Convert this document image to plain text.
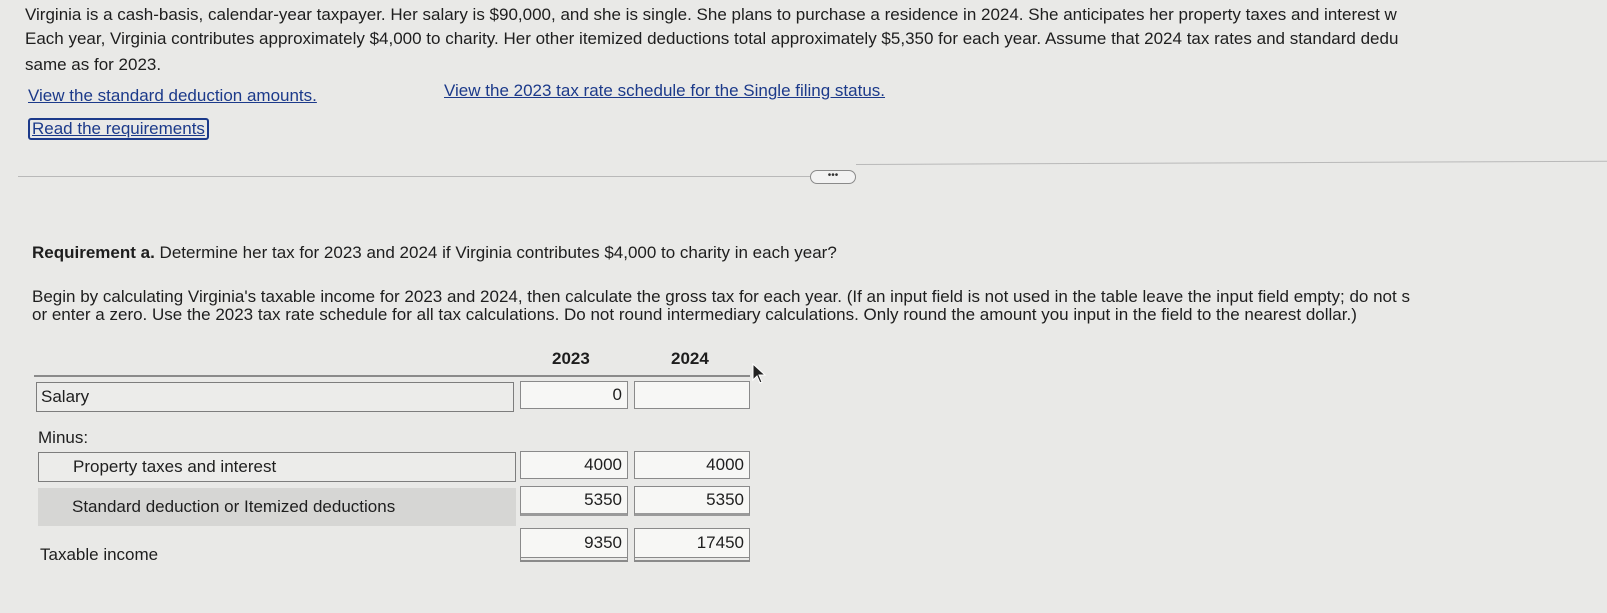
Virginia is a cash-basis, calendar-year taxpayer. Her salary is $90,000, and she is single. She plans to purchase a residence in 2024. She anticipates her property taxes and interest w
Each year, Virginia contributes approximately $4,000 to charity. Her other itemized deductions total approximately $5,350 for each year. Assume that 2024 tax rates and standard dedu
same as for 2023.
View the standard deduction amounts.	View the 2023 tax rate schedule for the Single filing status.
Read the requirements
•••
Requirement a. Determine her tax for 2023 and 2024 if Virginia contributes $4,000 to charity in each year?
Begin by calculating Virginia's taxable income for 2023 and 2024, then calculate the gross tax for each year. (If an input field is not used in the table leave the input field empty; do not s
or enter a zero. Use the 2023 tax rate schedule for all tax calculations. Do not round intermediary calculations. Only round the amount you input in the field to the nearest dollar.)
2023	2024
Salary
0
Minus:
Property taxes and interest
4000
4000
Standard deduction or Itemized deductions
5350
5350
Taxable income
9350
17450
